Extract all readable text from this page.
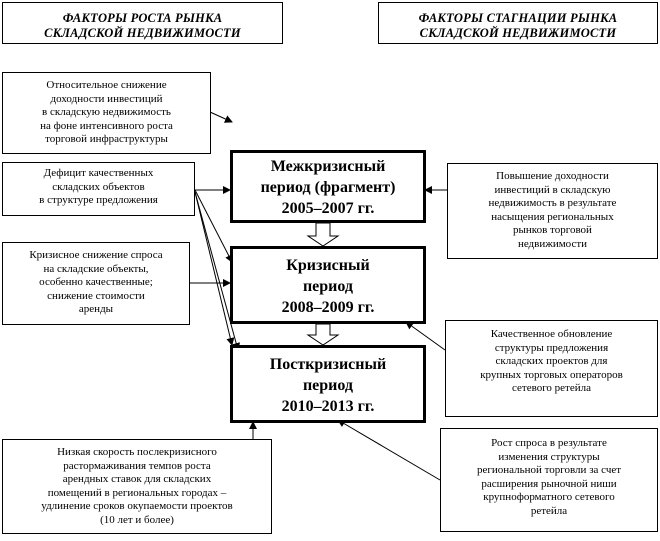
ФАКТОРЫ РОСТА РЫНКА
СКЛАДСКОЙ НЕДВИЖИМОСТИ
ФАКТОРЫ СТАГНАЦИИ РЫНКА
СКЛАДСКОЙ НЕДВИЖИМОСТИ
Относительное снижение
доходности инвестиций
в складскую недвижимость
на фоне интенсивного роста
торговой инфраструктуры
Дефицит качественных
складских объектов
в структуре предложения
Кризисное снижение спроса
на складские объекты,
особенно качественные;
снижение стоимости
аренды
Низкая скорость послекризисного
растормаживания темпов роста
арендных ставок для складских
помещений в региональных городах –
удлинение сроков окупаемости проектов
(10 лет и более)
Межкризисный
период (фрагмент)
2005–2007 гг.
Кризисный
период
2008–2009 гг.
Посткризисный
период
2010–2013 гг.
Повышение доходности
инвестиций в складскую
недвижимость в результате
насыщения региональных
рынков торговой
недвижимости
Качественное обновление
структуры предложения
складских проектов для
крупных торговых операторов
сетевого ретейла
Рост спроса в результате
изменения структуры
региональной торговли за счет
расширения рыночной ниши
крупноформатного сетевого
ретейла
